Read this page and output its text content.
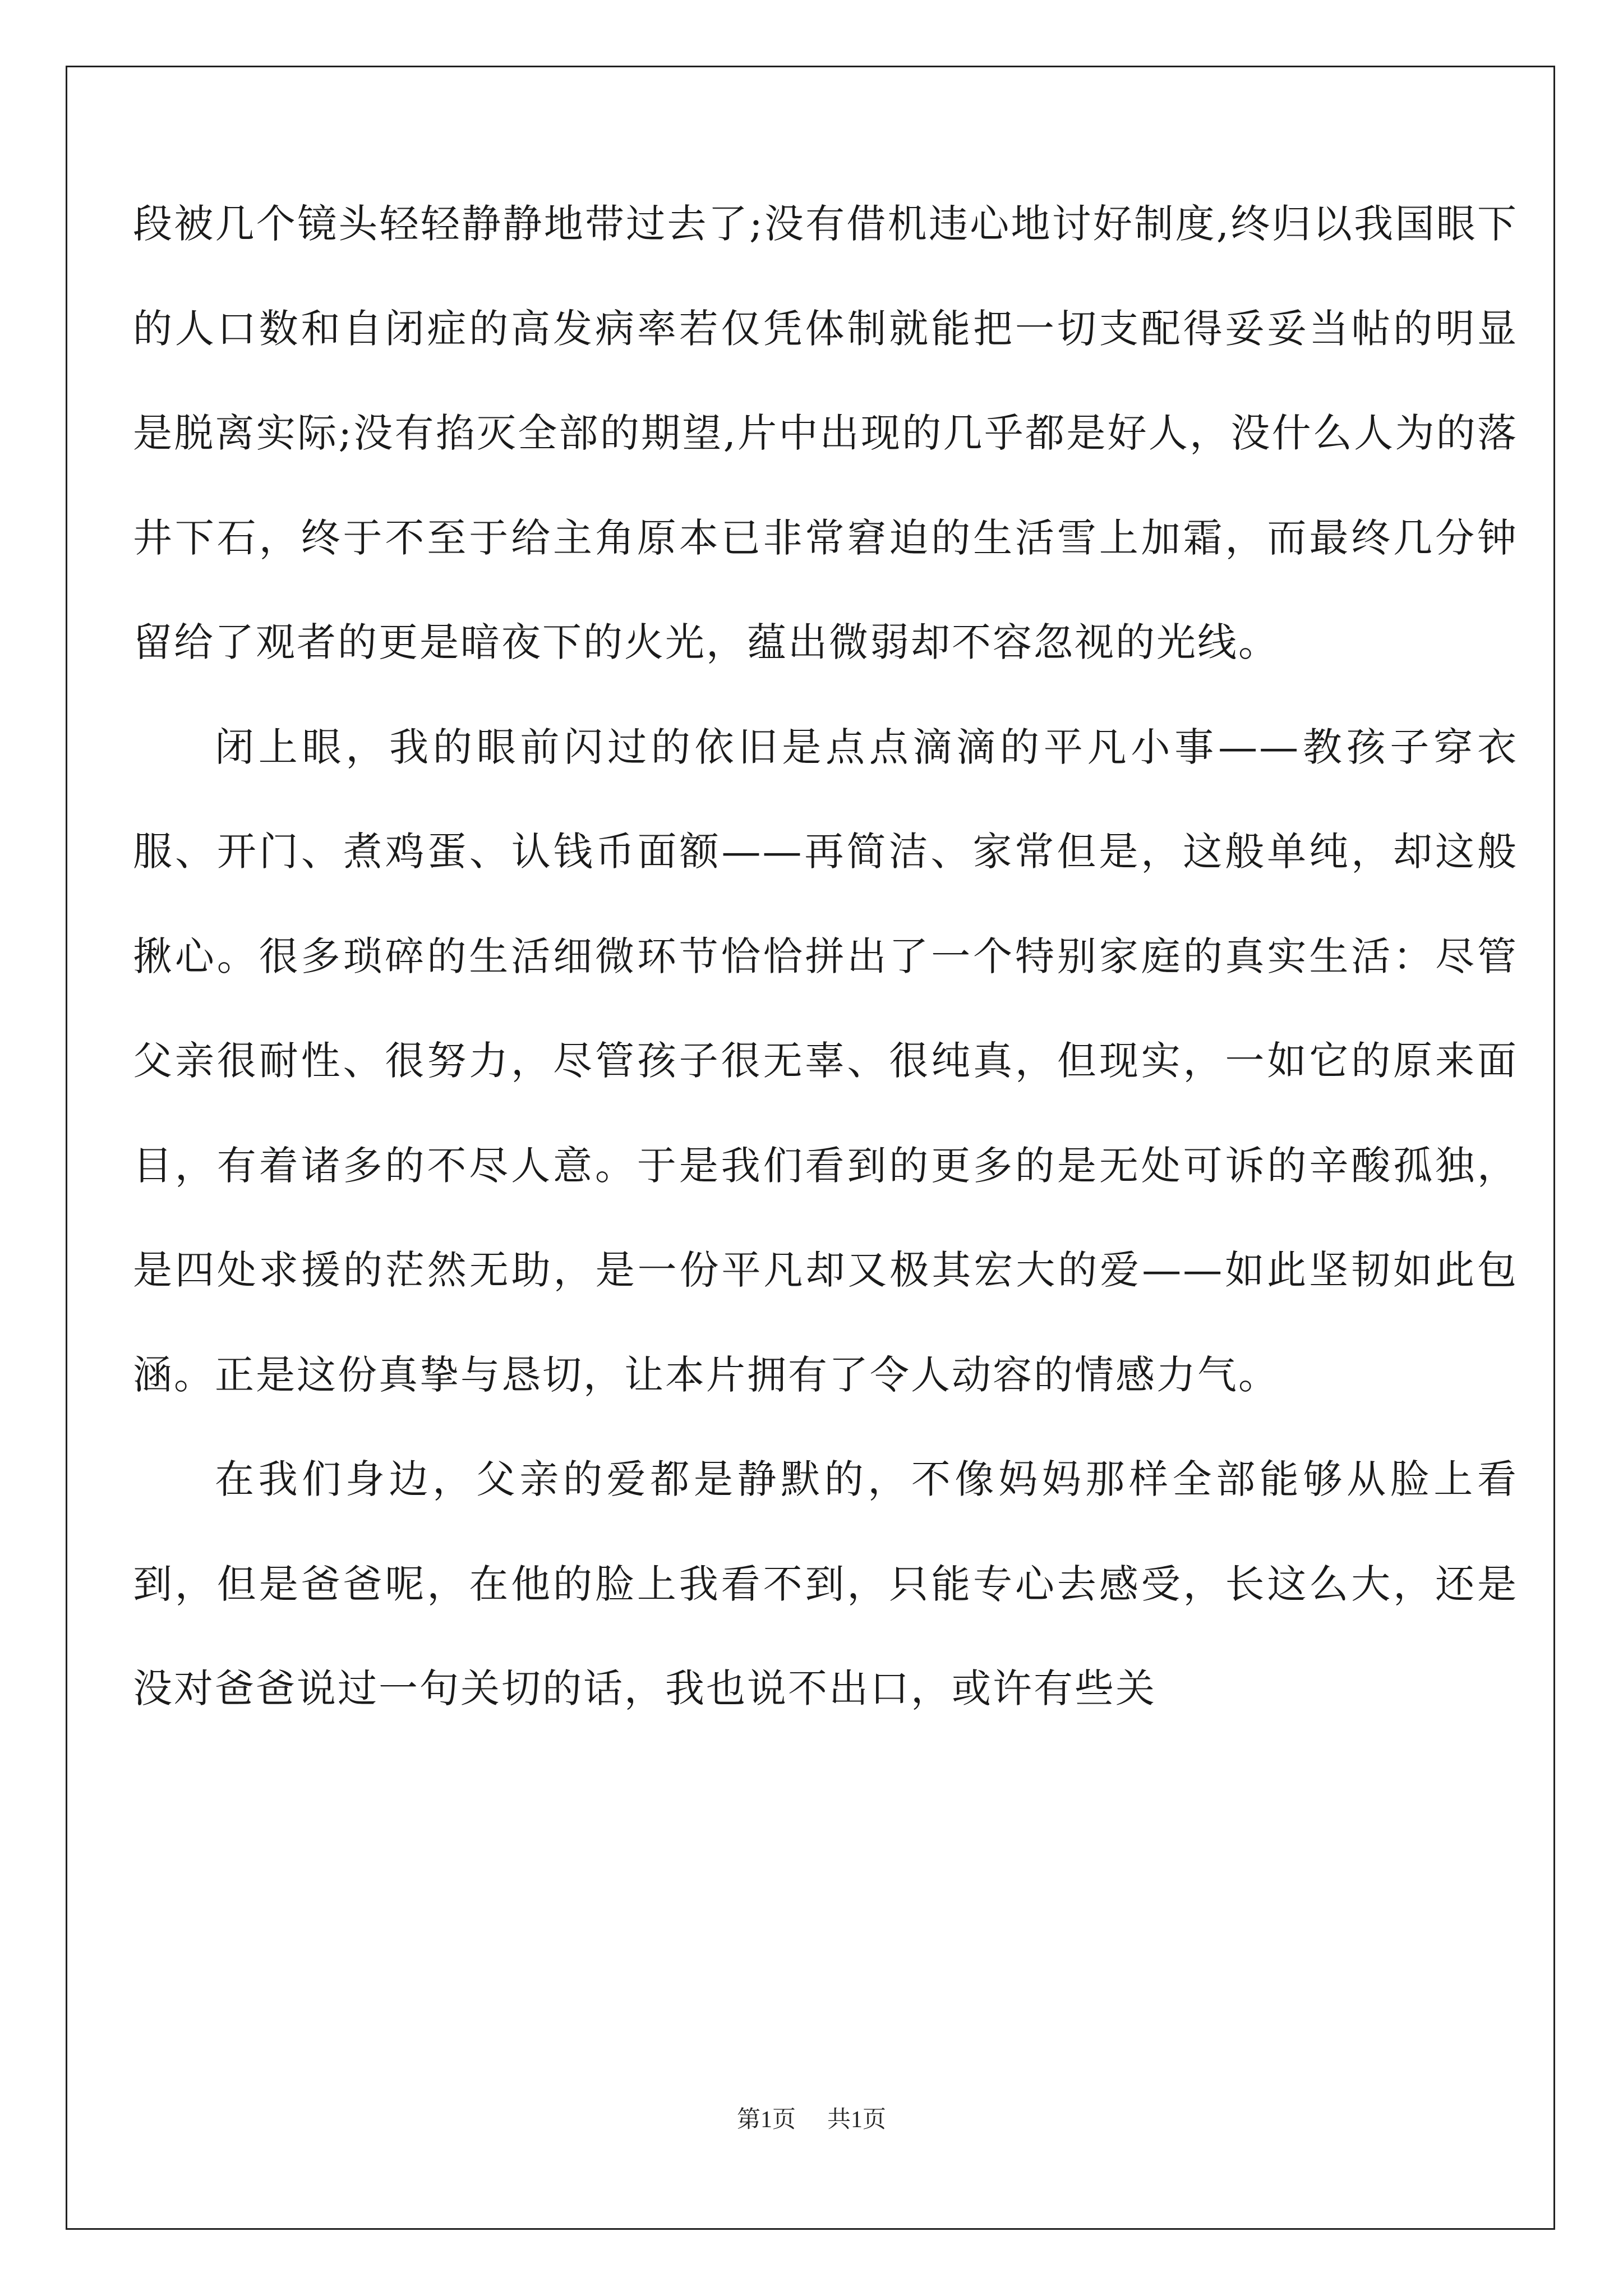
段被几个镜头轻轻静静地带过去了;没有借机违心地讨好制度,终归以我国眼下的人口数和自闭症的高发病率若仅凭体制就能把一切支配得妥妥当帖的明显是脱离实际;没有掐灭全部的期望,片中出现的几乎都是好人，没什么人为的落井下石，终于不至于给主角原本已非常窘迫的生活雪上加霜，而最终几分钟留给了观者的更是暗夜下的火光，蕴出微弱却不容忽视的光线。

闭上眼，我的眼前闪过的依旧是点点滴滴的平凡小事——教孩子穿衣服、开门、煮鸡蛋、认钱币面额——再简洁、家常但是，这般单纯，却这般揪心。很多琐碎的生活细微环节恰恰拼出了一个特别家庭的真实生活：尽管父亲很耐性、很努力，尽管孩子很无辜、很纯真，但现实，一如它的原来面目，有着诸多的不尽人意。于是我们看到的更多的是无处可诉的辛酸孤独，是四处求援的茫然无助，是一份平凡却又极其宏大的爱——如此坚韧如此包涵。正是这份真挚与恳切，让本片拥有了令人动容的情感力气。

在我们身边，父亲的爱都是静默的，不像妈妈那样全部能够从脸上看到，但是爸爸呢，在他的脸上我看不到，只能专心去感受，长这么大，还是没对爸爸说过一句关切的话，我也说不出口，或许有些关

第1页 共1页
